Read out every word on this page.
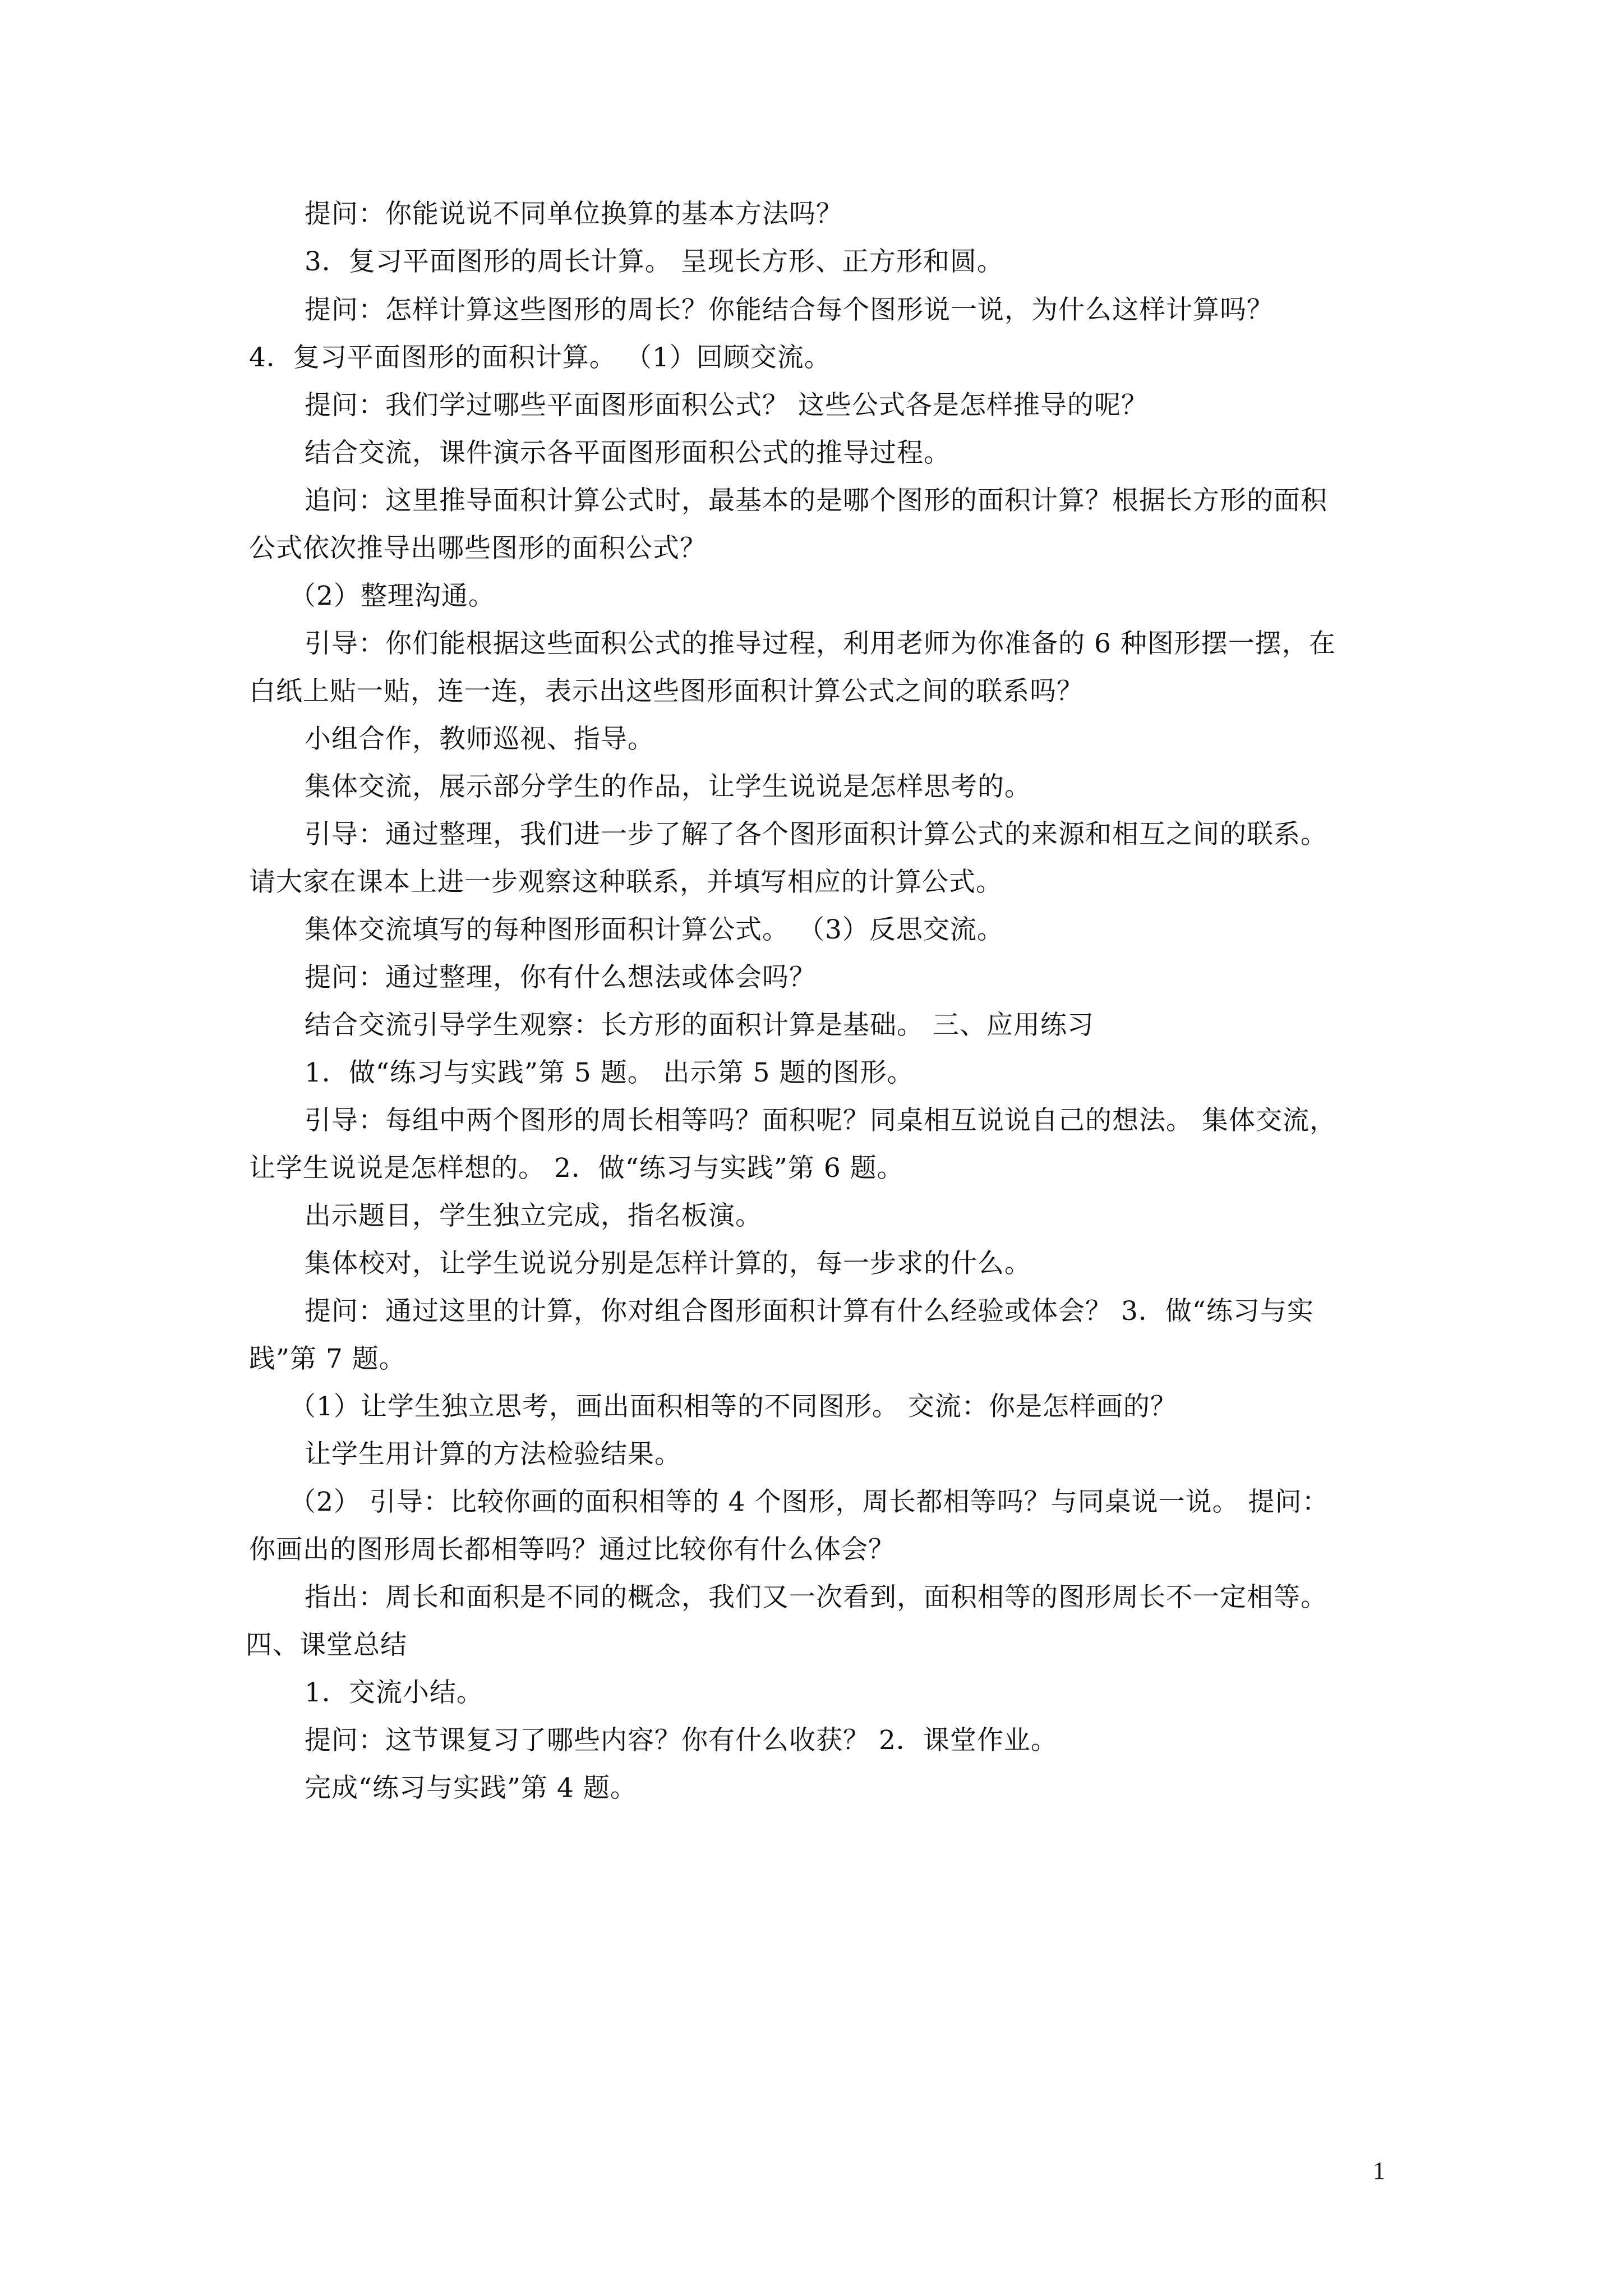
提问：你能说说不同单位换算的基本方法吗？
3．复习平面图形的周长计算。 呈现长方形、正方形和圆。
提问：怎样计算这些图形的周长？你能结合每个图形说一说，为什么这样计算吗？
4．复习平面图形的面积计算。 （1）回顾交流。
提问：我们学过哪些平面图形面积公式？ 这些公式各是怎样推导的呢？
结合交流，课件演示各平面图形面积公式的推导过程。
追问：这里推导面积计算公式时，最基本的是哪个图形的面积计算？根据长方形的面积
公式依次推导出哪些图形的面积公式？
（2）整理沟通。
引导：你们能根据这些面积公式的推导过程，利用老师为你准备的 6 种图形摆一摆，在
白纸上贴一贴，连一连，表示出这些图形面积计算公式之间的联系吗？
小组合作，教师巡视、指导。
集体交流，展示部分学生的作品，让学生说说是怎样思考的。
引导：通过整理，我们进一步了解了各个图形面积计算公式的来源和相互之间的联系。
请大家在课本上进一步观察这种联系，并填写相应的计算公式。
集体交流填写的每种图形面积计算公式。 （3）反思交流。
提问：通过整理，你有什么想法或体会吗？
结合交流引导学生观察：长方形的面积计算是基础。 三、应用练习
1．做“练习与实践”第 5 题。 出示第 5 题的图形。
引导：每组中两个图形的周长相等吗？面积呢？同桌相互说说自己的想法。 集体交流，
让学生说说是怎样想的。 2．做“练习与实践”第 6 题。
出示题目，学生独立完成，指名板演。
集体校对，让学生说说分别是怎样计算的，每一步求的什么。
提问：通过这里的计算，你对组合图形面积计算有什么经验或体会？ 3．做“练习与实
践”第 7 题。
（1）让学生独立思考，画出面积相等的不同图形。 交流：你是怎样画的？
让学生用计算的方法检验结果。
（2） 引导：比较你画的面积相等的 4 个图形，周长都相等吗？与同桌说一说。 提问：
你画出的图形周长都相等吗？通过比较你有什么体会？
指出：周长和面积是不同的概念，我们又一次看到，面积相等的图形周长不一定相等。
四、课堂总结
1．交流小结。
提问：这节课复习了哪些内容？你有什么收获？ 2．课堂作业。
完成“练习与实践”第 4 题。
1
